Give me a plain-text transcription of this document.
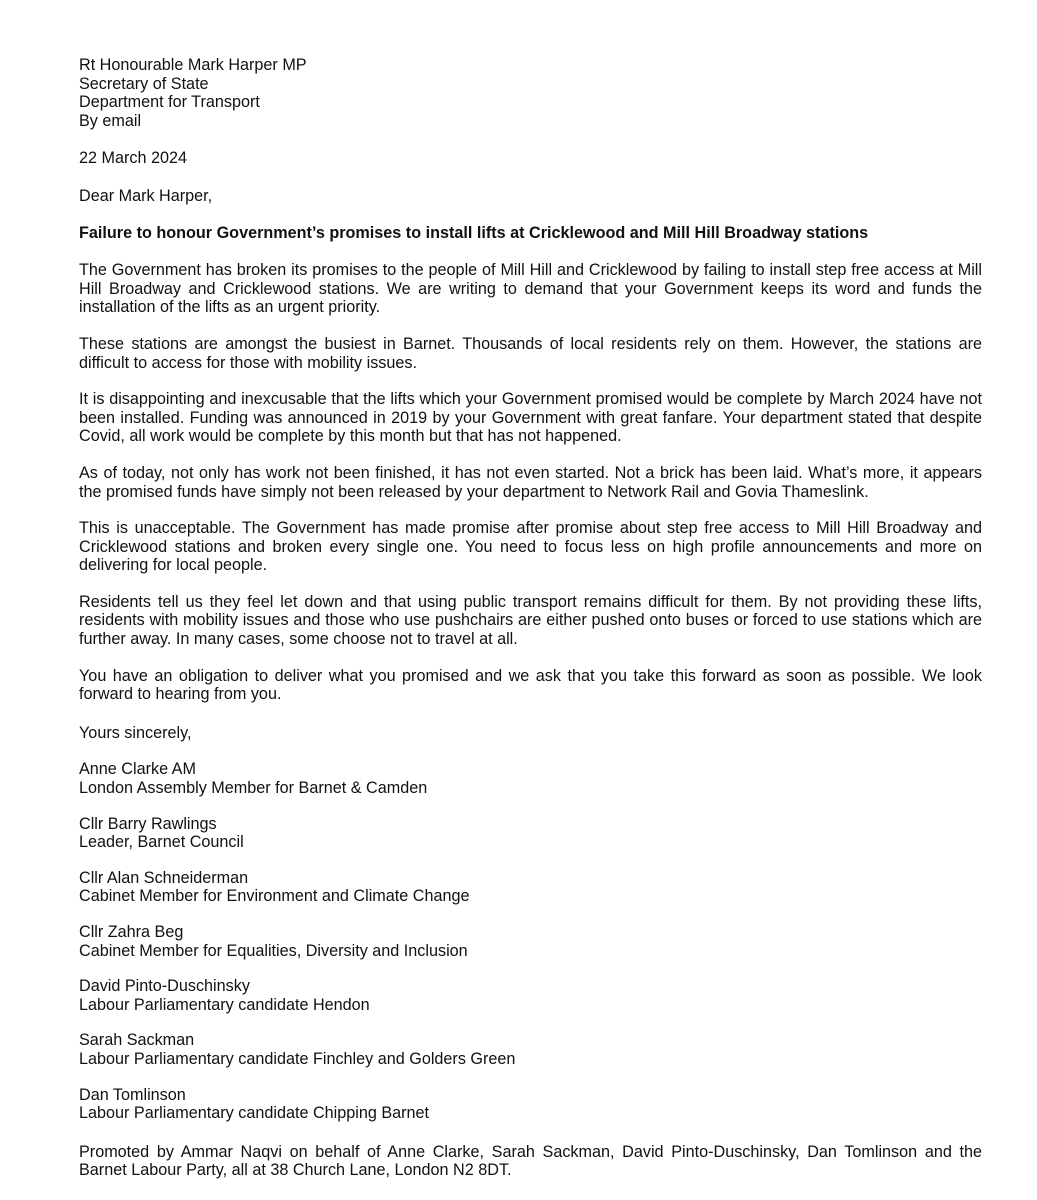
Rt Honourable Mark Harper MP
Secretary of State
Department for Transport
By email
22 March 2024
Dear Mark Harper,
Failure to honour Government’s promises to install lifts at Cricklewood and Mill Hill Broadway stations

The Government has broken its promises to the people of Mill Hill and Cricklewood by failing to install step free access at Mill Hill Broadway and Cricklewood stations. We are writing to demand that your Government keeps its word and funds the installation of the lifts as an urgent priority.

These stations are amongst the busiest in Barnet. Thousands of local residents rely on them. However, the stations are difficult to access for those with mobility issues.

It is disappointing and inexcusable that the lifts which your Government promised would be complete by March 2024 have not been installed. Funding was announced in 2019 by your Government with great fanfare. Your department stated that despite Covid, all work would be complete by this month but that has not happened.

As of today, not only has work not been finished, it has not even started. Not a brick has been laid. What’s more, it appears the promised funds have simply not been released by your department to Network Rail and Govia Thameslink.

This is unacceptable. The Government has made promise after promise about step free access to Mill Hill Broadway and Cricklewood stations and broken every single one. You need to focus less on high profile announcements and more on delivering for local people.

Residents tell us they feel let down and that using public transport remains difficult for them. By not providing these lifts, residents with mobility issues and those who use pushchairs are either pushed onto buses or forced to use stations which are further away. In many cases, some choose not to travel at all.

You have an obligation to deliver what you promised and we ask that you take this forward as soon as possible. We look forward to hearing from you.

Yours sincerely,
Anne Clarke AM
London Assembly Member for Barnet & Camden
Cllr Barry Rawlings
Leader, Barnet Council
Cllr Alan Schneiderman
Cabinet Member for Environment and Climate Change
Cllr Zahra Beg
Cabinet Member for Equalities, Diversity and Inclusion
David Pinto-Duschinsky
Labour Parliamentary candidate Hendon
Sarah Sackman
Labour Parliamentary candidate Finchley and Golders Green
Dan Tomlinson
Labour Parliamentary candidate Chipping Barnet

Promoted by Ammar Naqvi on behalf of Anne Clarke, Sarah Sackman, David Pinto-Duschinsky, Dan Tomlinson and the Barnet Labour Party, all at 38 Church Lane, London N2 8DT.
